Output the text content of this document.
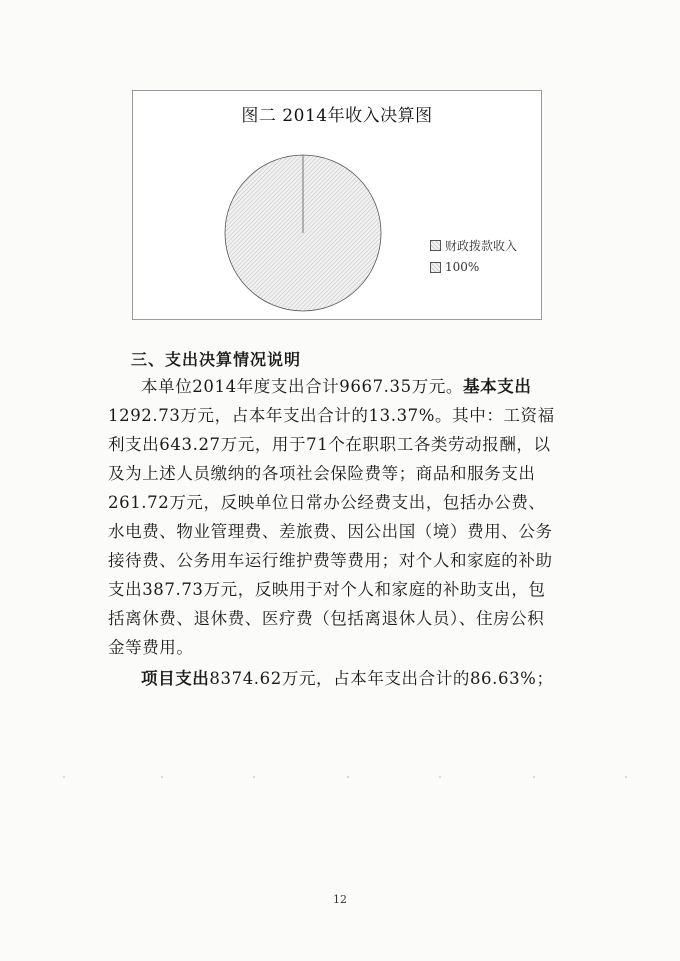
图二 2014年收入决算图
财政拨款收入
100%
三、支出决算情况说明

本单位2014年度支出合计9667.35万元。基本支出1292.73万元，占本年支出合计的13.37%。其中：工资福利支出643.27万元，用于71个在职职工各类劳动报酬，以及为上述人员缴纳的各项社会保险费等；商品和服务支出261.72万元，反映单位日常办公经费支出，包括办公费、水电费、物业管理费、差旅费、因公出国（境）费用、公务接待费、公务用车运行维护费等费用；对个人和家庭的补助支出387.73万元，反映用于对个人和家庭的补助支出，包括离休费、退休费、医疗费（包括离退休人员）、住房公积金等费用。

项目支出8374.62万元，占本年支出合计的86.63%；

12
